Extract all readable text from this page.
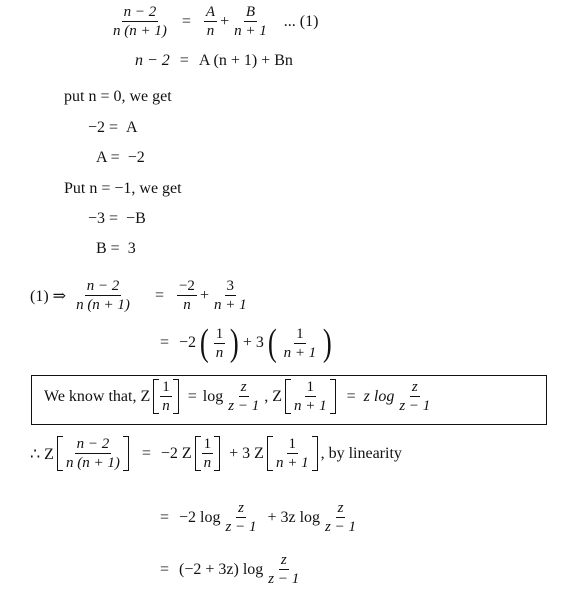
$\frac{n - 2}{n (n + 1)} = \frac{A}{n} + \frac{B}{n + 1}$ ... (1)
n − 2 = A (n + 1) + Bn
put n = 0, we get
−2 = A
A = −2
Put n = −1, we get
−3 = −B
B = 3
(1) ⇒ $\frac{n - 2}{n (n + 1)} = \frac{-2}{n} + \frac{3}{n + 1}$
= −2 ( $\frac{1}{n}$ ) + 3 ( $\frac{1}{n + 1}$ )
We know that, Z $\frac{1}{n} = \log \frac{z}{z - 1}$ , Z $\frac{1}{n + 1} = z$ $\log \frac{z}{z - 1}$
∴ Z $\frac{n - 2}{n (n + 1)} = -2$ Z $\frac{1}{n} + 3$ Z $\frac{1}{n + 1}$ , by linearity
= −2 $\log \frac{z}{z - 1} + 3z$ $\log \frac{z}{z - 1}$
= (−2 + 3z) $\log \frac{z}{z - 1}$
